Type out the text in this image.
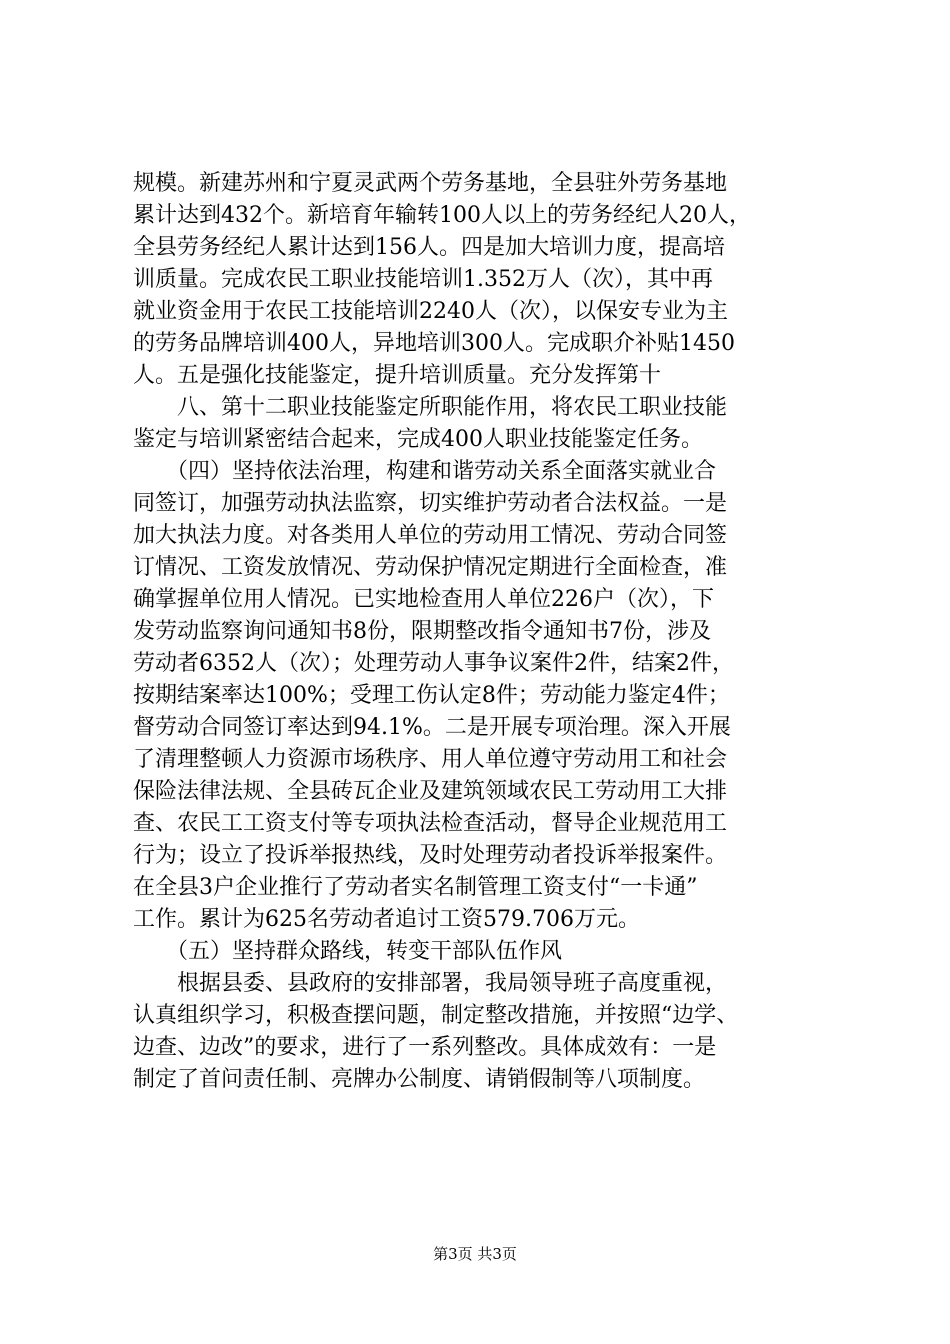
规模。新建苏州和宁夏灵武两个劳务基地，全县驻外劳务基地
累计达到432个。新培育年输转100人以上的劳务经纪人20人，
全县劳务经纪人累计达到156人。四是加大培训力度，提高培
训质量。完成农民工职业技能培训1.352万人（次），其中再
就业资金用于农民工技能培训2240人（次），以保安专业为主
的劳务品牌培训400人，异地培训300人。完成职介补贴1450
人。五是强化技能鉴定，提升培训质量。充分发挥第十
　　八、第十二职业技能鉴定所职能作用，将农民工职业技能
鉴定与培训紧密结合起来，完成400人职业技能鉴定任务。
　　（四）坚持依法治理，构建和谐劳动关系全面落实就业合
同签订，加强劳动执法监察，切实维护劳动者合法权益。一是
加大执法力度。对各类用人单位的劳动用工情况、劳动合同签
订情况、工资发放情况、劳动保护情况定期进行全面检查，准
确掌握单位用人情况。已实地检查用人单位226户（次），下
发劳动监察询问通知书8份，限期整改指令通知书7份，涉及
劳动者6352人（次）；处理劳动人事争议案件2件，结案2件，
按期结案率达100%；受理工伤认定8件；劳动能力鉴定4件；
督劳动合同签订率达到94.1%。二是开展专项治理。深入开展
了清理整顿人力资源市场秩序、用人单位遵守劳动用工和社会
保险法律法规、全县砖瓦企业及建筑领域农民工劳动用工大排
查、农民工工资支付等专项执法检查活动，督导企业规范用工
行为；设立了投诉举报热线，及时处理劳动者投诉举报案件。
在全县3户企业推行了劳动者实名制管理工资支付“一卡通”
工作。累计为625名劳动者追讨工资579.706万元。
　　（五）坚持群众路线，转变干部队伍作风
　　根据县委、县政府的安排部署，我局领导班子高度重视，
认真组织学习，积极查摆问题，制定整改措施，并按照“边学、
边查、边改”的要求，进行了一系列整改。具体成效有：一是
制定了首问责任制、亮牌办公制度、请销假制等八项制度。
第3页 共3页
